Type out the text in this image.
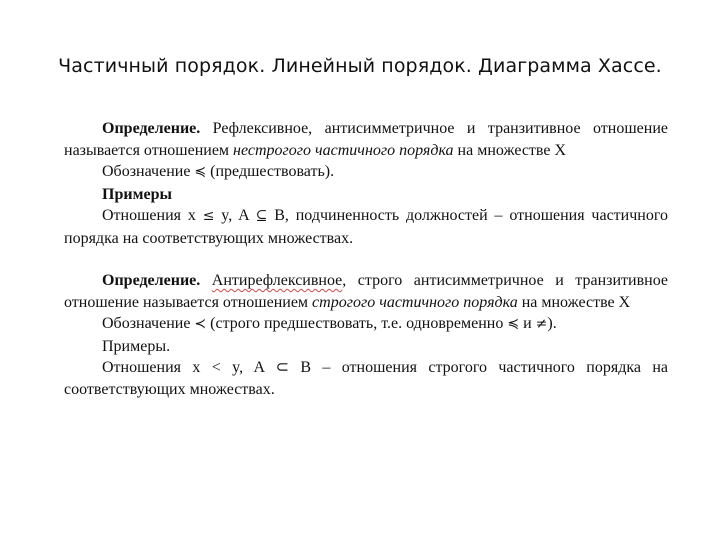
Частичный порядок. Линейный порядок. Диаграмма Хассе.

Определение. Рефлексивное, антисимметричное и транзитивное отношение называется отношением нестрогого частичного порядка на множестве X

Обозначение ≼ (предшествовать).

Примеры

Отношения x ≤ y, A ⊆ B, подчиненность должностей – отношения частичного порядка на соответствующих множествах.

Определение. Антирефлексивное, строго антисимметричное и транзитивное отношение называется отношением строгого частичного порядка на множестве X

Обозначение ≺ (строго предшествовать, т.е. одновременно ≼ и ≠).

Примеры.

Отношения x < y, A ⊂ B – отношения строгого частичного порядка на соответствующих множествах.
